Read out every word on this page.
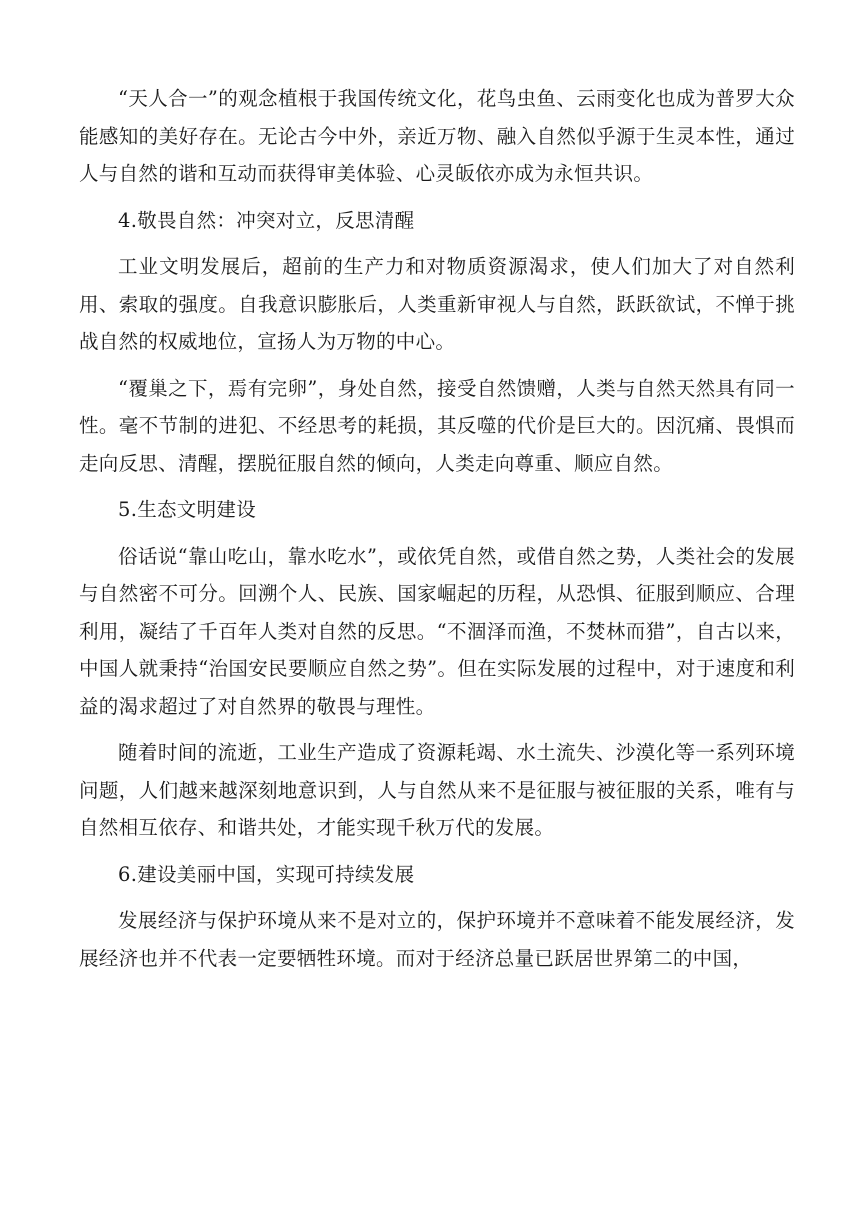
“天人合一”的观念植根于我国传统文化，花鸟虫鱼、云雨变化也成为普罗大众能感知的美好存在。无论古今中外，亲近万物、融入自然似乎源于生灵本性，通过人与自然的谐和互动而获得审美体验、心灵皈依亦成为永恒共识。

4.敬畏自然：冲突对立，反思清醒

工业文明发展后，超前的生产力和对物质资源渴求，使人们加大了对自然利用、索取的强度。自我意识膨胀后，人类重新审视人与自然，跃跃欲试，不惮于挑战自然的权威地位，宣扬人为万物的中心。

“覆巢之下，焉有完卵”，身处自然，接受自然馈赠，人类与自然天然具有同一性。毫不节制的进犯、不经思考的耗损，其反噬的代价是巨大的。因沉痛、畏惧而走向反思、清醒，摆脱征服自然的倾向，人类走向尊重、顺应自然。

5.生态文明建设

俗话说“靠山吃山，靠水吃水”，或依凭自然，或借自然之势，人类社会的发展与自然密不可分。回溯个人、民族、国家崛起的历程，从恐惧、征服到顺应、合理利用，凝结了千百年人类对自然的反思。“不涸泽而渔，不焚林而猎”，自古以来，中国人就秉持“治国安民要顺应自然之势”。但在实际发展的过程中，对于速度和利益的渴求超过了对自然界的敬畏与理性。

随着时间的流逝，工业生产造成了资源耗竭、水土流失、沙漠化等一系列环境问题，人们越来越深刻地意识到，人与自然从来不是征服与被征服的关系，唯有与自然相互依存、和谐共处，才能实现千秋万代的发展。

6.建设美丽中国，实现可持续发展

发展经济与保护环境从来不是对立的，保护环境并不意味着不能发展经济，发展经济也并不代表一定要牺牲环境。而对于经济总量已跃居世界第二的中国，
